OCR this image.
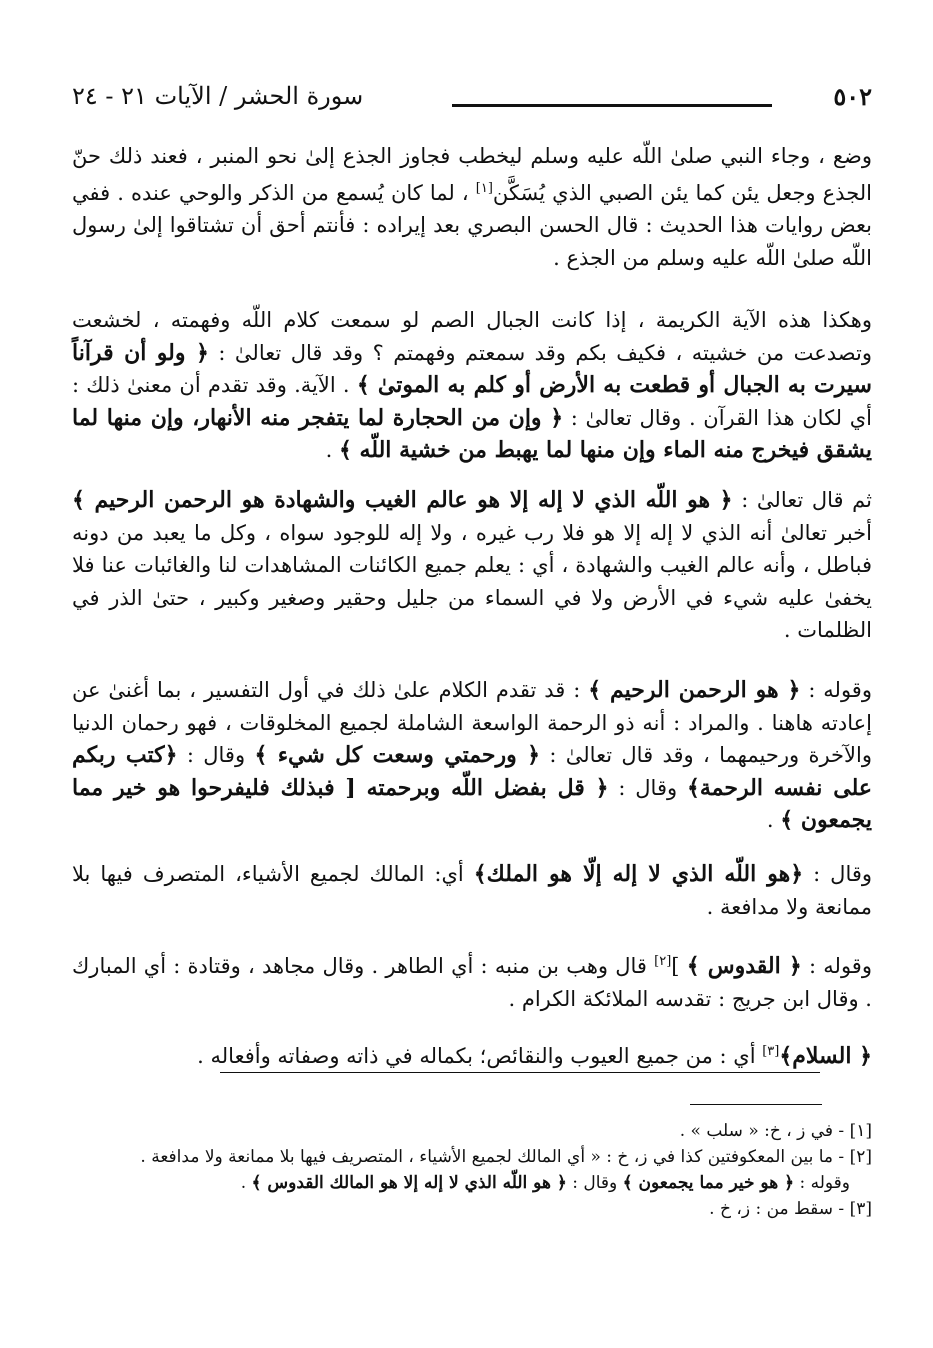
٥٠٢
سورة الحشر / الآيات ٢١ - ٢٤

وضع ، وجاء النبي صلىٰ اللّه عليه وسلم ليخطب فجاوز الجذع إلىٰ نحو المنبر ، فعند ذلك حنّ الجذع وجعل يئن كما يئن الصبي الذي يُسَكَّن[١] ، لما كان يُسمع من الذكر والوحي عنده . ففي بعض روايات هذا الحديث : قال الحسن البصري بعد إيراده : فأنتم أحق أن تشتاقوا إلىٰ رسول اللّه صلىٰ اللّه عليه وسلم من الجذع .

وهكذا هذه الآية الكريمة ، إذا كانت الجبال الصم لو سمعت كلام اللّه وفهمته ، لخشعت وتصدعت من خشيته ، فكيف بكم وقد سمعتم وفهمتم ؟ وقد قال تعالىٰ : ﴿ ولو أن قرآناً سيرت به الجبال أو قطعت به الأرض أو كلم به الموتىٰ ﴾ . الآية. وقد تقدم أن معنىٰ ذلك : أي لكان هذا القرآن . وقال تعالىٰ : ﴿ وإن من الحجارة لما يتفجر منه الأنهار، وإن منها لما يشقق فيخرج منه الماء وإن منها لما يهبط من خشية اللّه ﴾ .

ثم قال تعالىٰ : ﴿ هو اللّه الذي لا إله إلا هو عالم الغيب والشهادة هو الرحمن الرحيم ﴾ أخبر تعالىٰ أنه الذي لا إله إلا هو فلا رب غيره ، ولا إله للوجود سواه ، وكل ما يعبد من دونه فباطل ، وأنه عالم الغيب والشهادة ، أي : يعلم جميع الكائنات المشاهدات لنا والغائبات عنا فلا يخفىٰ عليه شيء في الأرض ولا في السماء من جليل وحقير وصغير وكبير ، حتىٰ الذر في الظلمات .

وقوله : ﴿ هو الرحمن الرحيم ﴾ : قد تقدم الكلام علىٰ ذلك في أول التفسير ، بما أغنىٰ عن إعادته هاهنا . والمراد : أنه ذو الرحمة الواسعة الشاملة لجميع المخلوقات ، فهو رحمان الدنيا والآخرة ورحيمهما ، وقد قال تعالىٰ : ﴿ ورحمتي وسعت كل شيء ﴾ وقال : ﴿كتب ربكم على نفسه الرحمة﴾ وقال : ﴿ قل بفضل اللّه وبرحمته [ فبذلك فليفرحوا هو خير مما يجمعون ﴾ .

وقال : ﴿هو اللّه الذي لا إله إلّا هو الملك﴾ أي: المالك لجميع الأشياء، المتصرف فيها بلا ممانعة ولا مدافعة .

وقوله : ﴿ القدوس ﴾ ][٢] قال وهب بن منبه : أي الطاهر . وقال مجاهد ، وقتادة : أي المبارك . وقال ابن جريج : تقدسه الملائكة الكرام .

﴿ السلام﴾[٣] أي : من جميع العيوب والنقائص؛ بكماله في ذاته وصفاته وأفعاله .

[١] - في ز ، خ: « سلب » .

[٢] - ما بين المعكوفتين كذا في ز، خ : « أي المالك لجميع الأشياء ، المتصريف فيها بلا ممانعة ولا مدافعة .

وقوله : ﴿ هو خير مما يجمعون ﴾ وقال : ﴿ هو اللّه الذي لا إله إلا هو المالك القدوس ﴾ .

[٣] - سقط من : ز، خ .
